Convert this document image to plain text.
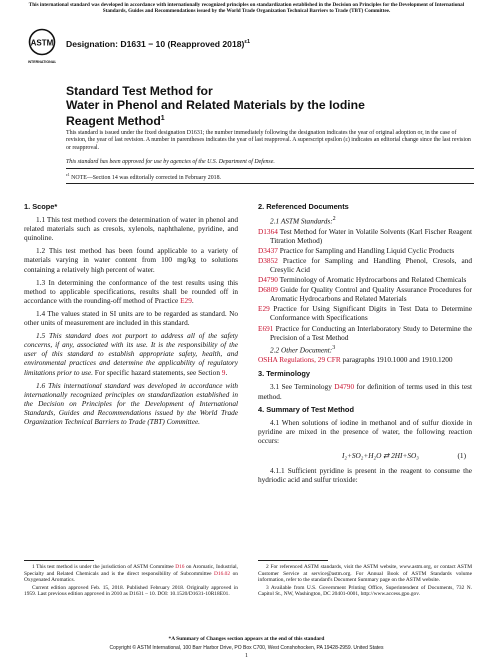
This international standard was developed in accordance with internationally recognized principles on standardization established in the Decision on Principles for the Development of International Standards, Guides and Recommendations issued by the World Trade Organization Technical Barriers to Trade (TBT) Committee.
ASTM
INTERNATIONAL
Designation: D1631 − 10 (Reapproved 2018)$^{\varepsilon 1}$
Standard Test Method for
Water in Phenol and Related Materials by the Iodine
Reagent Method$^1$
This standard is issued under the fixed designation D1631; the number immediately following the designation indicates the year of original adoption or, in the case of revision, the year of last revision. A number in parentheses indicates the year of last reapproval. A superscript epsilon (ε) indicates an editorial change since the last revision or reapproval.
This standard has been approved for use by agencies of the U.S. Department of Defense.
$^{\varepsilon 1}$ NOTE—Section 14 was editorially corrected in February 2018.
1. Scope*

1.1 This test method covers the determination of water in phenol and related materials such as cresols, xylenols, naphthalene, pyridine, and quinoline.

1.2 This test method has been found applicable to a variety of materials varying in water content from 100 mg/kg to solutions containing a relatively high percent of water.

1.3 In determining the conformance of the test results using this method to applicable specifications, results shall be rounded off in accordance with the rounding-off method of Practice E29.

1.4 The values stated in SI units are to be regarded as standard. No other units of measurement are included in this standard.

1.5 This standard does not purport to address all of the safety concerns, if any, associated with its use. It is the responsibility of the user of this standard to establish appropriate safety, health, and environmental practices and determine the applicability of regulatory limitations prior to use. For specific hazard statements, see Section 9.

1.6 This international standard was developed in accordance with internationally recognized principles on standardization established in the Decision on Principles for the Development of International Standards, Guides and Recommendations issued by the World Trade Organization Technical Barriers to Trade (TBT) Committee.

1 This test method is under the jurisdiction of ASTM Committee D16 on Aromatic, Industrial, Specialty and Related Chemicals and is the direct responsibility of Subcommittee D16.02 on Oxygenated Aromatics.

Current edition approved Feb. 15, 2018. Published February 2018. Originally approved in 1959. Last previous edition approved in 2010 as D1631 – 10. DOI: 10.1520/D1631-10R18E01.

2. Referenced Documents

2.1 ASTM Standards:$^2$

D1364 Test Method for Water in Volatile Solvents (Karl Fischer Reagent Titration Method)
D3437 Practice for Sampling and Handling Liquid Cyclic Products
D3852 Practice for Sampling and Handling Phenol, Cresols, and Cresylic Acid
D4790 Terminology of Aromatic Hydrocarbons and Related Chemicals
D6809 Guide for Quality Control and Quality Assurance Procedures for Aromatic Hydrocarbons and Related Materials
E29 Practice for Using Significant Digits in Test Data to Determine Conformance with Specifications
E691 Practice for Conducting an Interlaboratory Study to Determine the Precision of a Test Method

2.2 Other Document:$^3$

OSHA Regulations, 29 CFR paragraphs 1910.1000 and 1910.1200
3. Terminology

3.1 See Terminology D4790 for definition of terms used in this test method.

4. Summary of Test Method

4.1 When solutions of iodine in methanol and of sulfur dioxide in pyridine are mixed in the presence of water, the following reaction occurs:

I₂+SO₂+H₂O ⇄ 2HI+SO₃	(1)

4.1.1 Sufficient pyridine is present in the reagent to consume the hydriodic acid and sulfur trioxide:

2 For referenced ASTM standards, visit the ASTM website, www.astm.org, or contact ASTM Customer Service at service@astm.org. For Annual Book of ASTM Standards volume information, refer to the standard's Document Summary page on the ASTM website.

3 Available from U.S. Government Printing Office, Superintendent of Documents, 732 N. Capitol St., NW, Washington, DC 20401-0001, http://www.access.gpo.gov.

*A Summary of Changes section appears at the end of this standard
Copyright © ASTM International, 100 Barr Harbor Drive, PO Box C700, West Conshohocken, PA 19428-2959. United States
1
